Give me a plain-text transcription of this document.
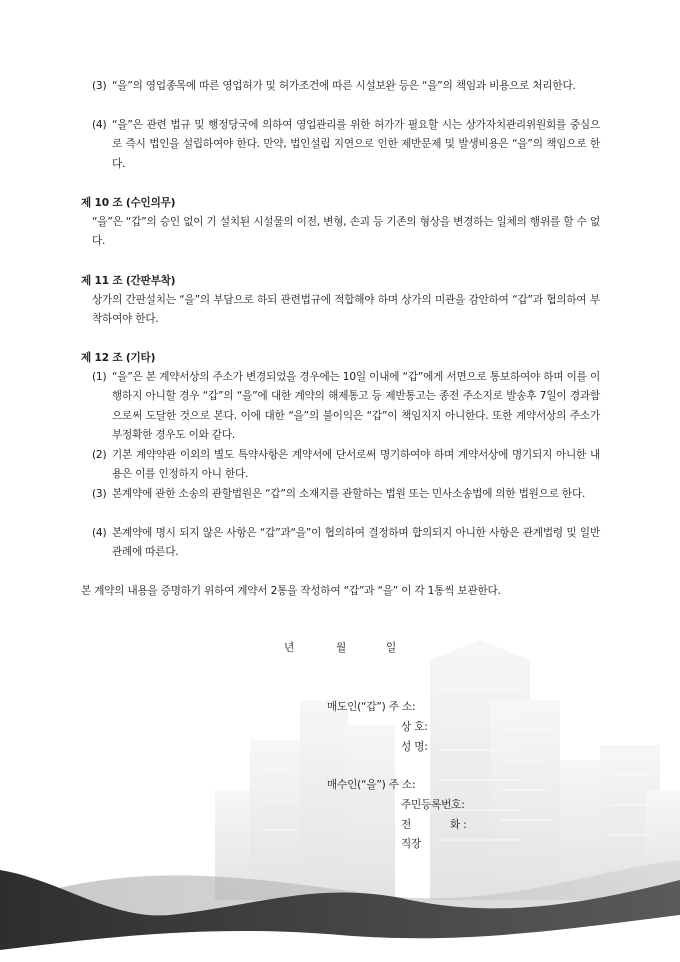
(3) “을”의 영업종목에 따른 영업허가 및 허가조건에 따른 시설보완 등은 “을”의 책임과 비용으로 처리한다.
(4) “을”은 관련 법규 및 행정당국에 의하여 영업관리를 위한 허가가 필요할 시는 상가자치관리위원회를 중심으로 즉시 법인을 설립하여야 한다. 만약, 법인설립 지연으로 인한 제반문제 및 발생비용은 “을”의 책임으로 한다.
제 10 조 (수인의무)
“을”은 “갑”의 승인 없이 기 설치된 시설물의 이전, 변형, 손괴 등 기존의 형상을 변경하는 일체의 행위를 할 수 없다.
제 11 조 (간판부착)
상가의 간판설치는 “을”의 부담으로 하되 관련법규에 적합해야 하며 상가의 미관을 감안하여 “갑”과 협의하여 부착하여야 한다.
제 12 조 (기타)
(1) “을”은 본 계약서상의 주소가 변경되었을 경우에는 10일 이내에 “갑”에게 서면으로 통보하여야 하며 이를 이행하지 아니할 경우 “갑”의 “을”에 대한 계약의 해제통고 등 제반통고는 종전 주소지로 발송후 7일이 경과함으로써 도달한 것으로 본다. 이에 대한 “을”의 불이익은 “갑”이 책임지지 아니한다. 또한 계약서상의 주소가 부정확한 경우도 이와 같다.
(2) 기본 계약약관 이외의 별도 특약사항은 계약서에 단서로써 명기하여야 하며 계약서상에 명기되지 아니한 내용은 이를 인정하지 아니 한다.
(3) 본계약에 관한 소송의 관할법원은 “갑”의 소재지를 관할하는 법원 또는 민사소송법에 의한 법원으로 한다.
(4) 본계약에 명시 되지 않은 사항은 “갑”과“을”이 협의하여 결정하며 합의되지 아니한 사항은 관계법령 및 일반 관례에 따른다.
본 계약의 내용을 증명하기 위하여 계약서 2통을 작성하여 “갑”과 “을” 이 각 1통씩 보관한다.
년	월	일
매도인(“갑”) 주 소:
상 호:
성 명:
매수인(“을”) 주 소:
주민등록번호:
전	화 :
직장
